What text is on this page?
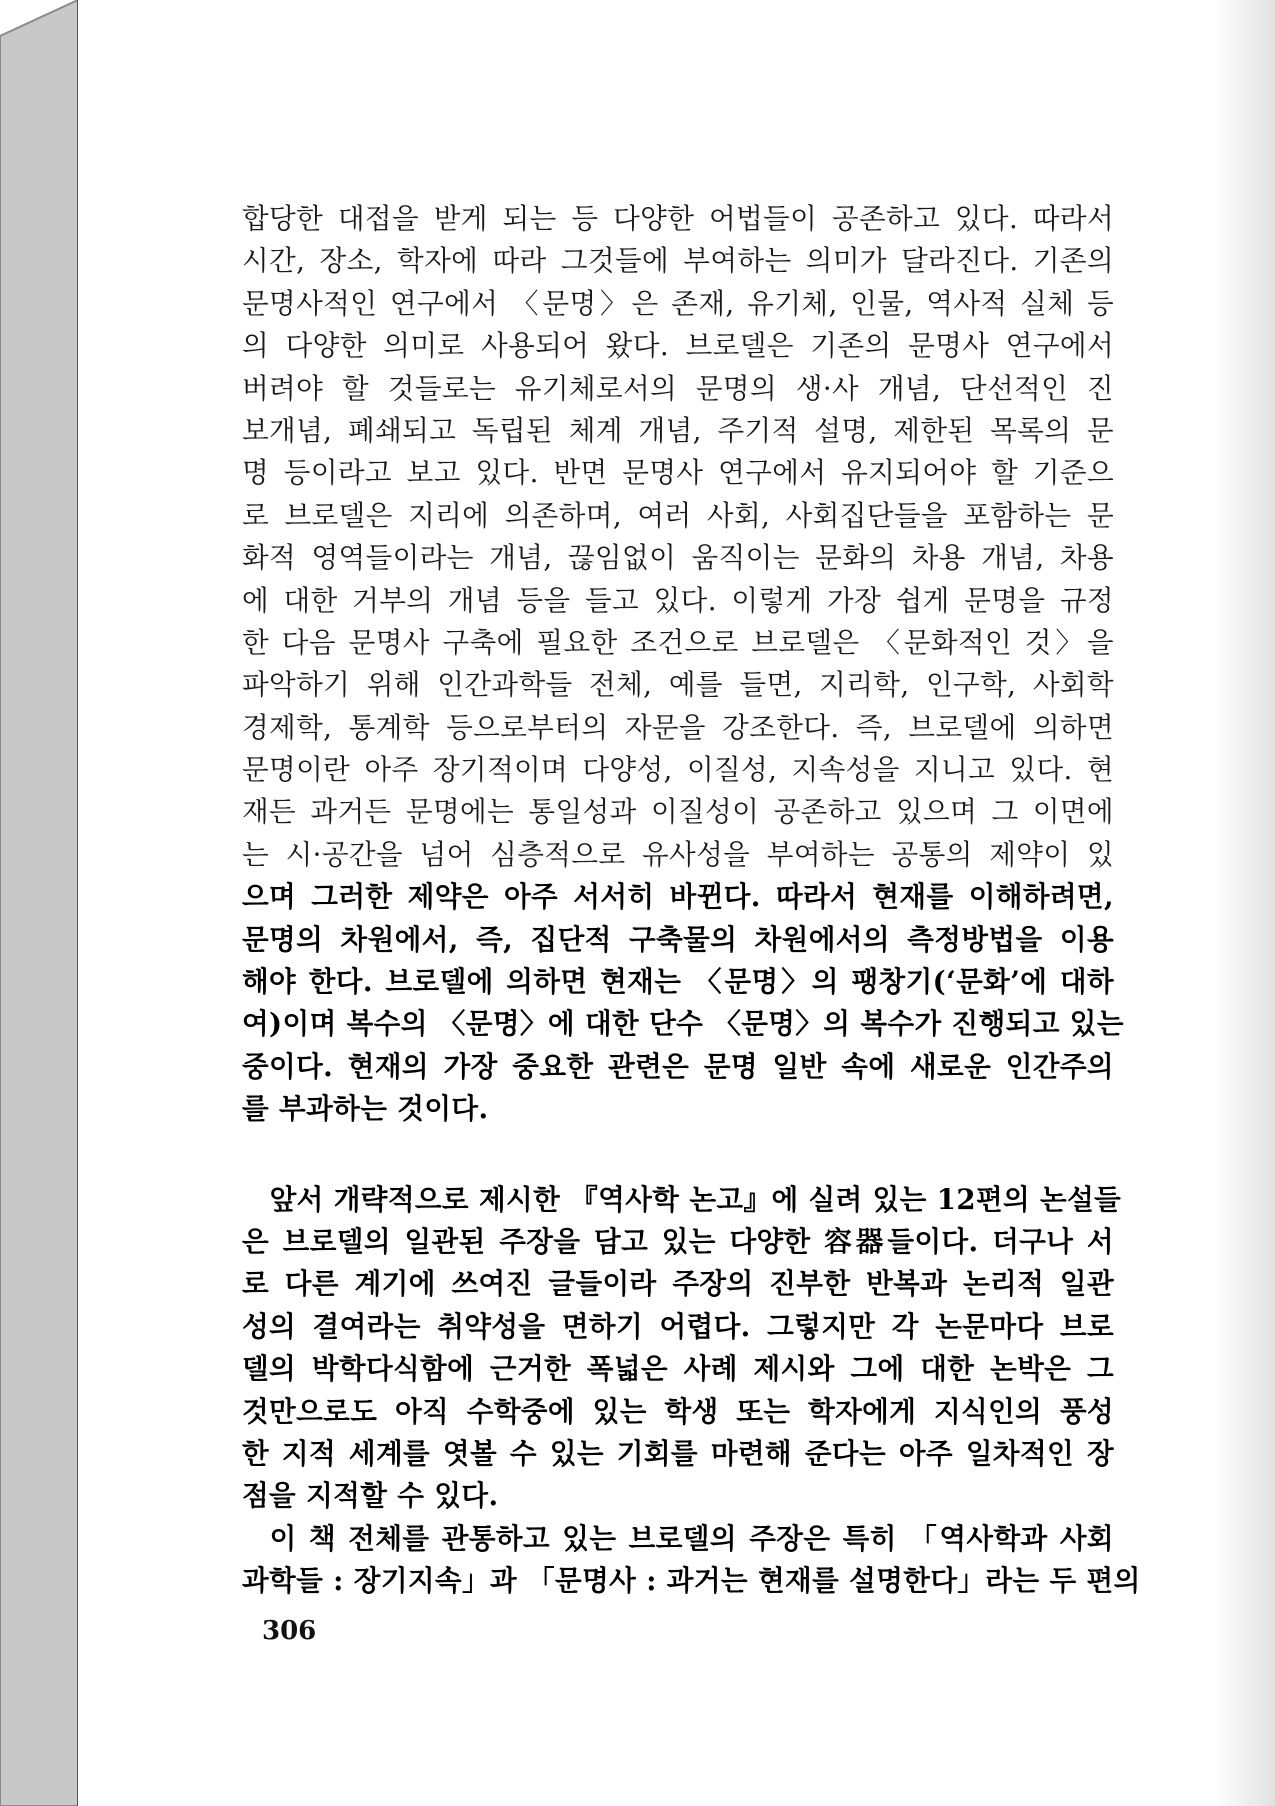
합당한 대접을 받게 되는 등 다양한 어법들이 공존하고 있다. 따라서
시간, 장소, 학자에 따라 그것들에 부여하는 의미가 달라진다. 기존의
문명사적인 연구에서 〈문명〉은 존재, 유기체, 인물, 역사적 실체 등
의 다양한 의미로 사용되어 왔다. 브로델은 기존의 문명사 연구에서
버려야 할 것들로는 유기체로서의 문명의 생·사 개념, 단선적인 진
보개념, 폐쇄되고 독립된 체계 개념, 주기적 설명, 제한된 목록의 문
명 등이라고 보고 있다. 반면 문명사 연구에서 유지되어야 할 기준으
로 브로델은 지리에 의존하며, 여러 사회, 사회집단들을 포함하는 문
화적 영역들이라는 개념, 끊임없이 움직이는 문화의 차용 개념, 차용
에 대한 거부의 개념 등을 들고 있다. 이렇게 가장 쉽게 문명을 규정
한 다음 문명사 구축에 필요한 조건으로 브로델은 〈문화적인 것〉을
파악하기 위해 인간과학들 전체, 예를 들면, 지리학, 인구학, 사회학
경제학, 통계학 등으로부터의 자문을 강조한다. 즉, 브로델에 의하면
문명이란 아주 장기적이며 다양성, 이질성, 지속성을 지니고 있다. 현
재든 과거든 문명에는 통일성과 이질성이 공존하고 있으며 그 이면에
는 시·공간을 넘어 심층적으로 유사성을 부여하는 공통의 제약이 있
으며 그러한 제약은 아주 서서히 바뀐다. 따라서 현재를 이해하려면,
문명의 차원에서, 즉, 집단적 구축물의 차원에서의 측정방법을 이용
해야 한다. 브로델에 의하면 현재는 〈문명〉의 팽창기(‘문화’에 대하
여)이며 복수의 〈문명〉에 대한 단수 〈문명〉의 복수가 진행되고 있는
중이다. 현재의 가장 중요한 관련은 문명 일반 속에 새로운 인간주의
를 부과하는 것이다.
앞서 개략적으로 제시한 『역사학 논고』에 실려 있는 12편의 논설들
은 브로델의 일관된 주장을 담고 있는 다양한 容器들이다. 더구나 서
로 다른 계기에 쓰여진 글들이라 주장의 진부한 반복과 논리적 일관
성의 결여라는 취약성을 면하기 어렵다. 그렇지만 각 논문마다 브로
델의 박학다식함에 근거한 폭넓은 사례 제시와 그에 대한 논박은 그
것만으로도 아직 수학중에 있는 학생 또는 학자에게 지식인의 풍성
한 지적 세계를 엿볼 수 있는 기회를 마련해 준다는 아주 일차적인 장
점을 지적할 수 있다.
이 책 전체를 관통하고 있는 브로델의 주장은 특히 「역사학과 사회
과학들 : 장기지속」과 「문명사 : 과거는 현재를 설명한다」라는 두 편의
306
